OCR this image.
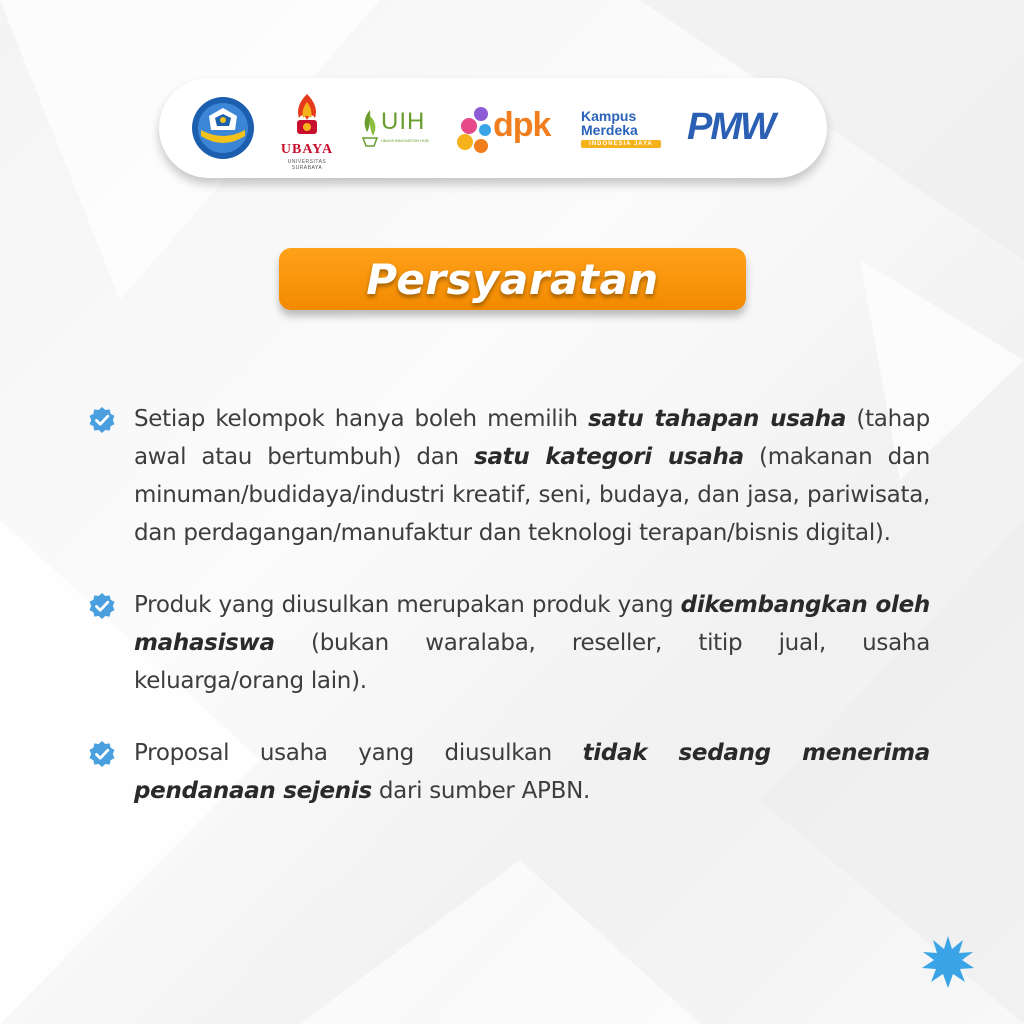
UBAYA
UNIVERSITAS SURABAYA
UIH
UBAYA INNOVATION HUB dpk Kampus
Merdeka
INDONESIA JAYA PMW
Persyaratan

Setiap kelompok hanya boleh memilih satu tahapan usaha (tahap awal atau bertumbuh) dan satu kategori usaha (makanan dan minuman/budidaya/industri kreatif, seni, budaya, dan jasa, pariwisata, dan perdagangan/manufaktur dan teknologi terapan/bisnis digital).

Produk yang diusulkan merupakan produk yang dikembangkan oleh mahasiswa (bukan waralaba, reseller, titip jual, usaha keluarga/orang lain).

Proposal usaha yang diusulkan tidak sedang menerima pendanaan sejenis dari sumber APBN.
